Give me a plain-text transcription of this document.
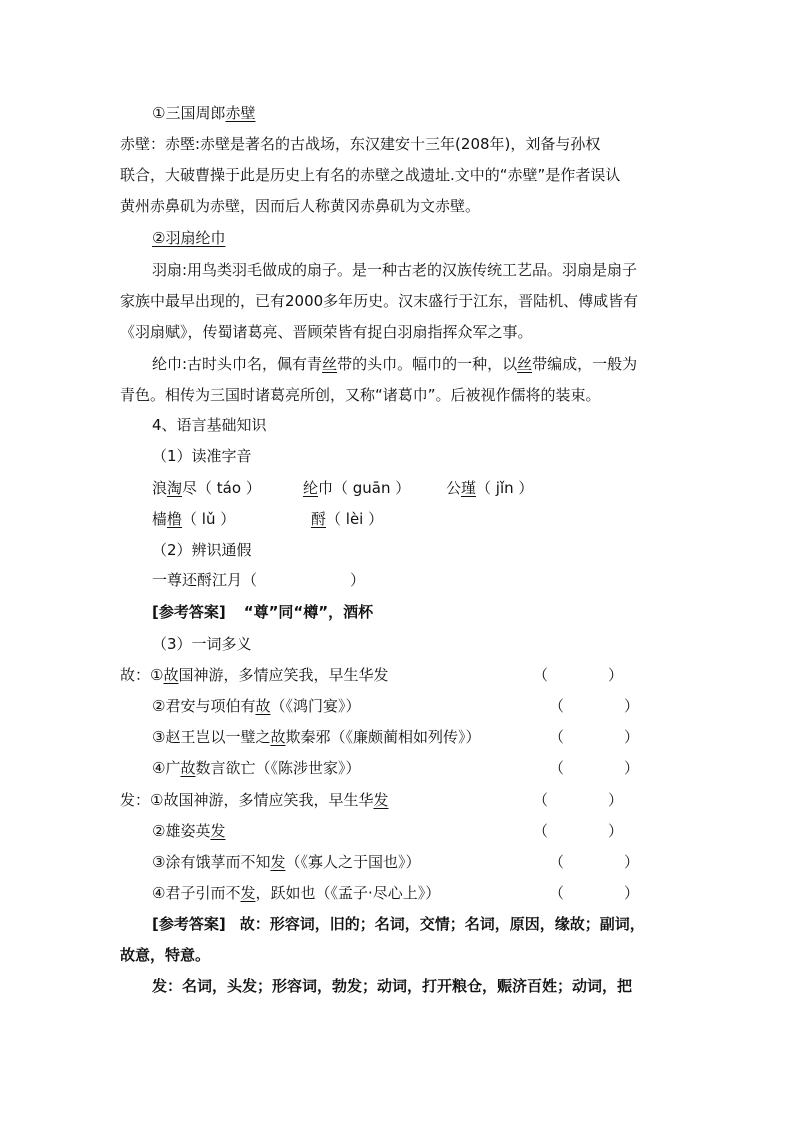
①三国周郎赤壁
赤壁：赤塈:赤壁是著名的古战场，东汉建安十三年(208年)，刘备与孙权
联合，大破曹操于此是历史上有名的赤壁之战遗址.文中的“赤壁”是作者误认
黄州赤鼻矶为赤壁，因而后人称黄冈赤鼻矶为文赤壁。
②羽扇纶巾
羽扇:用鸟类羽毛做成的扇子。是一种古老的汉族传统工艺品。羽扇是扇子
家族中最早出现的，已有2000多年历史。汉末盛行于江东，晋陆机、傅咸皆有
《羽扇赋》，传蜀诸葛亮、晋顾荣皆有捉白羽扇指挥众军之事。
纶巾:古时头巾名，佩有青丝带的头巾。幅巾的一种，以丝带编成，一般为
青色。相传为三国时诸葛亮所创，又称“诸葛巾”。后被视作儒将的装束。
4、语言基础知识
（1）读准字音
浪淘尽（ táo ）	纶巾（ guān ） 公瑾（ jǐn ）
樯橹（ lǔ ）	酹（ lèi ）
（2）辨识通假
一尊还酹江月（	）
[参考答案] “尊”同“樽”，酒杯
（3）一词多义
故：①故国神游，多情应笑我，早生华发	（	）
②君安与项伯有故（《鸿门宴》）	（	）
③赵王岂以一璧之故欺秦邪（《廉颇蔺相如列传》）	（	）
④广故数言欲亡（《陈涉世家》）	（	）
发：①故国神游，多情应笑我，早生华发	（	）
②雄姿英发	（	）
③涂有饿莩而不知发（《寡人之于国也》）	（	）
④君子引而不发，跃如也（《孟子·尽心上》）	（	）
[参考答案] 故：形容词，旧的；名词，交情；名词，原因，缘故；副词，
故意，特意。
发：名词，头发；形容词，勃发；动词，打开粮仓，赈济百姓；动词，把
